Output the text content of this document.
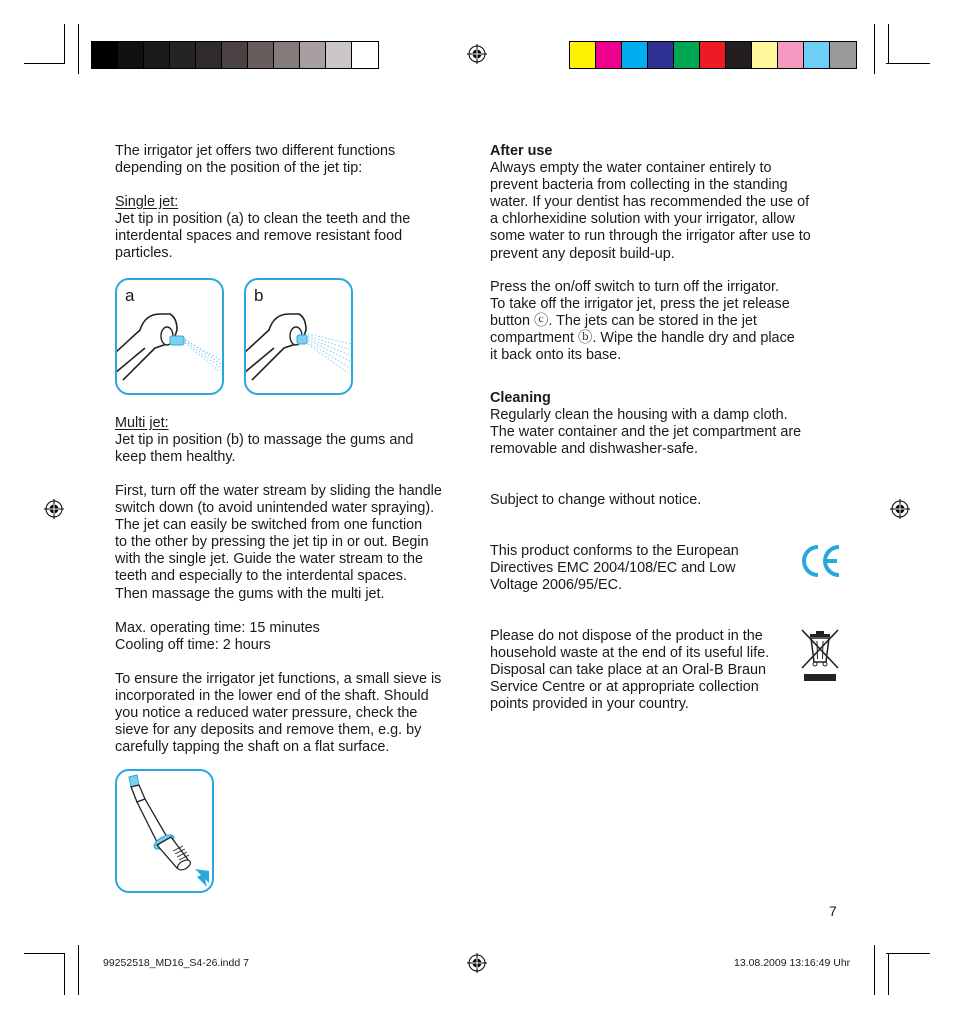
The irrigator jet offers two different functions
depending on the position of the jet tip:

Single jet:

Jet tip in position (a) to clean the teeth and the
interdental spaces and remove resistant food
particles.

a	b
Multi jet:

Jet tip in position (b) to massage the gums and
keep them healthy.

First, turn off the water stream by sliding the handle
switch down (to avoid unintended water spraying).
The jet can easily be switched from one function
to the other by pressing the jet tip in or out. Begin
with the single jet. Guide the water stream to the
teeth and especially to the interdental spaces.
Then massage the gums with the multi jet.

Max. operating time: 15 minutes
Cooling off time: 2 hours

To ensure the irrigator jet functions, a small sieve is
incorporated in the lower end of the shaft. Should
you notice a reduced water pressure, check the
sieve for any deposits and remove them, e.g. by
carefully tapping the shaft on a flat surface.

After use

Always empty the water container entirely to
prevent bacteria from collecting in the standing
water. If your dentist has recommended the use of
a chlorhexidine solution with your irrigator, allow
some water to run through the irrigator after use to
prevent any deposit build-up.

Press the on/off switch to turn off the irrigator.
To take off the irrigator jet, press the jet release
button ⓒ. The jets can be stored in the jet
compartment ⓑ. Wipe the handle dry and place
it back onto its base.

Cleaning

Regularly clean the housing with a damp cloth.
The water container and the jet compartment are
removable and dishwasher-safe.

Subject to change without notice.

This product conforms to the European
Directives EMC 2004/108/EC and Low
Voltage 2006/95/EC.

Please do not dispose of the product in the
household waste at the end of its useful life.
Disposal can take place at an Oral-B Braun
Service Centre or at appropriate collection
points provided in your country.

7
99252518_MD16_S4-26.indd 7	13.08.2009 13:16:49 Uhr
